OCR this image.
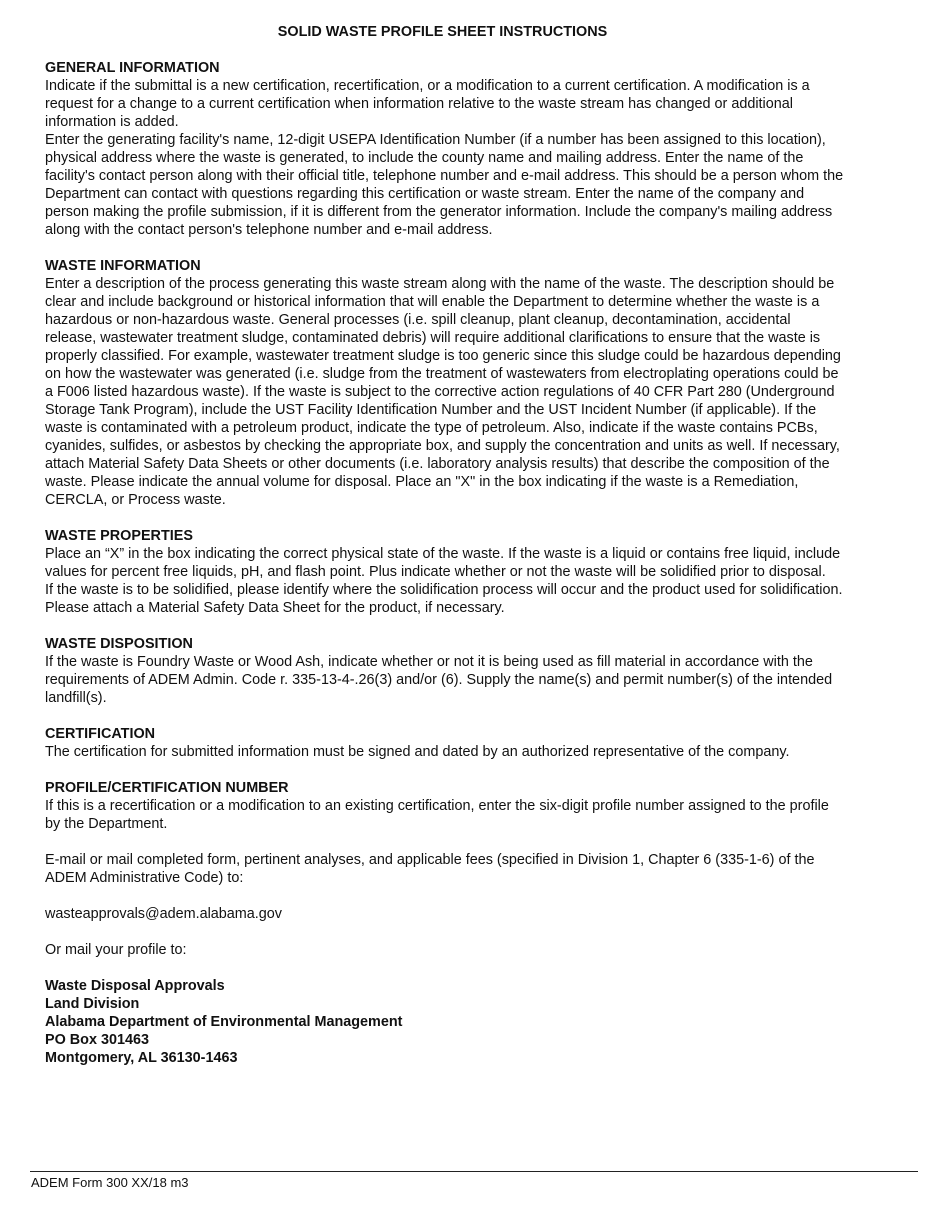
SOLID WASTE PROFILE SHEET INSTRUCTIONS
GENERAL INFORMATION
Indicate if the submittal is a new certification, recertification, or a modification to a current certification. A modification is a request for a change to a current certification when information relative to the waste stream has changed or additional information is added.
Enter the generating facility's name, 12-digit USEPA Identification Number (if a number has been assigned to this location), physical address where the waste is generated, to include the county name and mailing address. Enter the name of the facility's contact person along with their official title, telephone number and e-mail address. This should be a person whom the Department can contact with questions regarding this certification or waste stream. Enter the name of the company and person making the profile submission, if it is different from the generator information. Include the company's mailing address along with the contact person's telephone number and e-mail address.
WASTE INFORMATION
Enter a description of the process generating this waste stream along with the name of the waste. The description should be clear and include background or historical information that will enable the Department to determine whether the waste is a hazardous or non-hazardous waste. General processes (i.e. spill cleanup, plant cleanup, decontamination, accidental release, wastewater treatment sludge, contaminated debris) will require additional clarifications to ensure that the waste is properly classified. For example, wastewater treatment sludge is too generic since this sludge could be hazardous depending on how the wastewater was generated (i.e. sludge from the treatment of wastewaters from electroplating operations could be a F006 listed hazardous waste). If the waste is subject to the corrective action regulations of 40 CFR Part 280 (Underground Storage Tank Program), include the UST Facility Identification Number and the UST Incident Number (if applicable). If the waste is contaminated with a petroleum product, indicate the type of petroleum. Also, indicate if the waste contains PCBs, cyanides, sulfides, or asbestos by checking the appropriate box, and supply the concentration and units as well. If necessary, attach Material Safety Data Sheets or other documents (i.e. laboratory analysis results) that describe the composition of the waste. Please indicate the annual volume for disposal. Place an "X" in the box indicating if the waste is a Remediation, CERCLA, or Process waste.
WASTE PROPERTIES
Place an “X” in the box indicating the correct physical state of the waste. If the waste is a liquid or contains free liquid, include values for percent free liquids, pH, and flash point. Plus indicate whether or not the waste will be solidified prior to disposal.
If the waste is to be solidified, please identify where the solidification process will occur and the product used for solidification. Please attach a Material Safety Data Sheet for the product, if necessary.
WASTE DISPOSITION
If the waste is Foundry Waste or Wood Ash, indicate whether or not it is being used as fill material in accordance with the requirements of ADEM Admin. Code r. 335-13-4-.26(3) and/or (6). Supply the name(s) and permit number(s) of the intended landfill(s).
CERTIFICATION
The certification for submitted information must be signed and dated by an authorized representative of the company.
PROFILE/CERTIFICATION NUMBER
If this is a recertification or a modification to an existing certification, enter the six-digit profile number assigned to the profile by the Department.
E-mail or mail completed form, pertinent analyses, and applicable fees (specified in Division 1, Chapter 6 (335-1-6) of the ADEM Administrative Code) to:
wasteapprovals@adem.alabama.gov
Or mail your profile to:
Waste Disposal Approvals
Land Division
Alabama Department of Environmental Management
PO Box 301463
Montgomery, AL 36130-1463
ADEM Form 300 XX/18 m3
